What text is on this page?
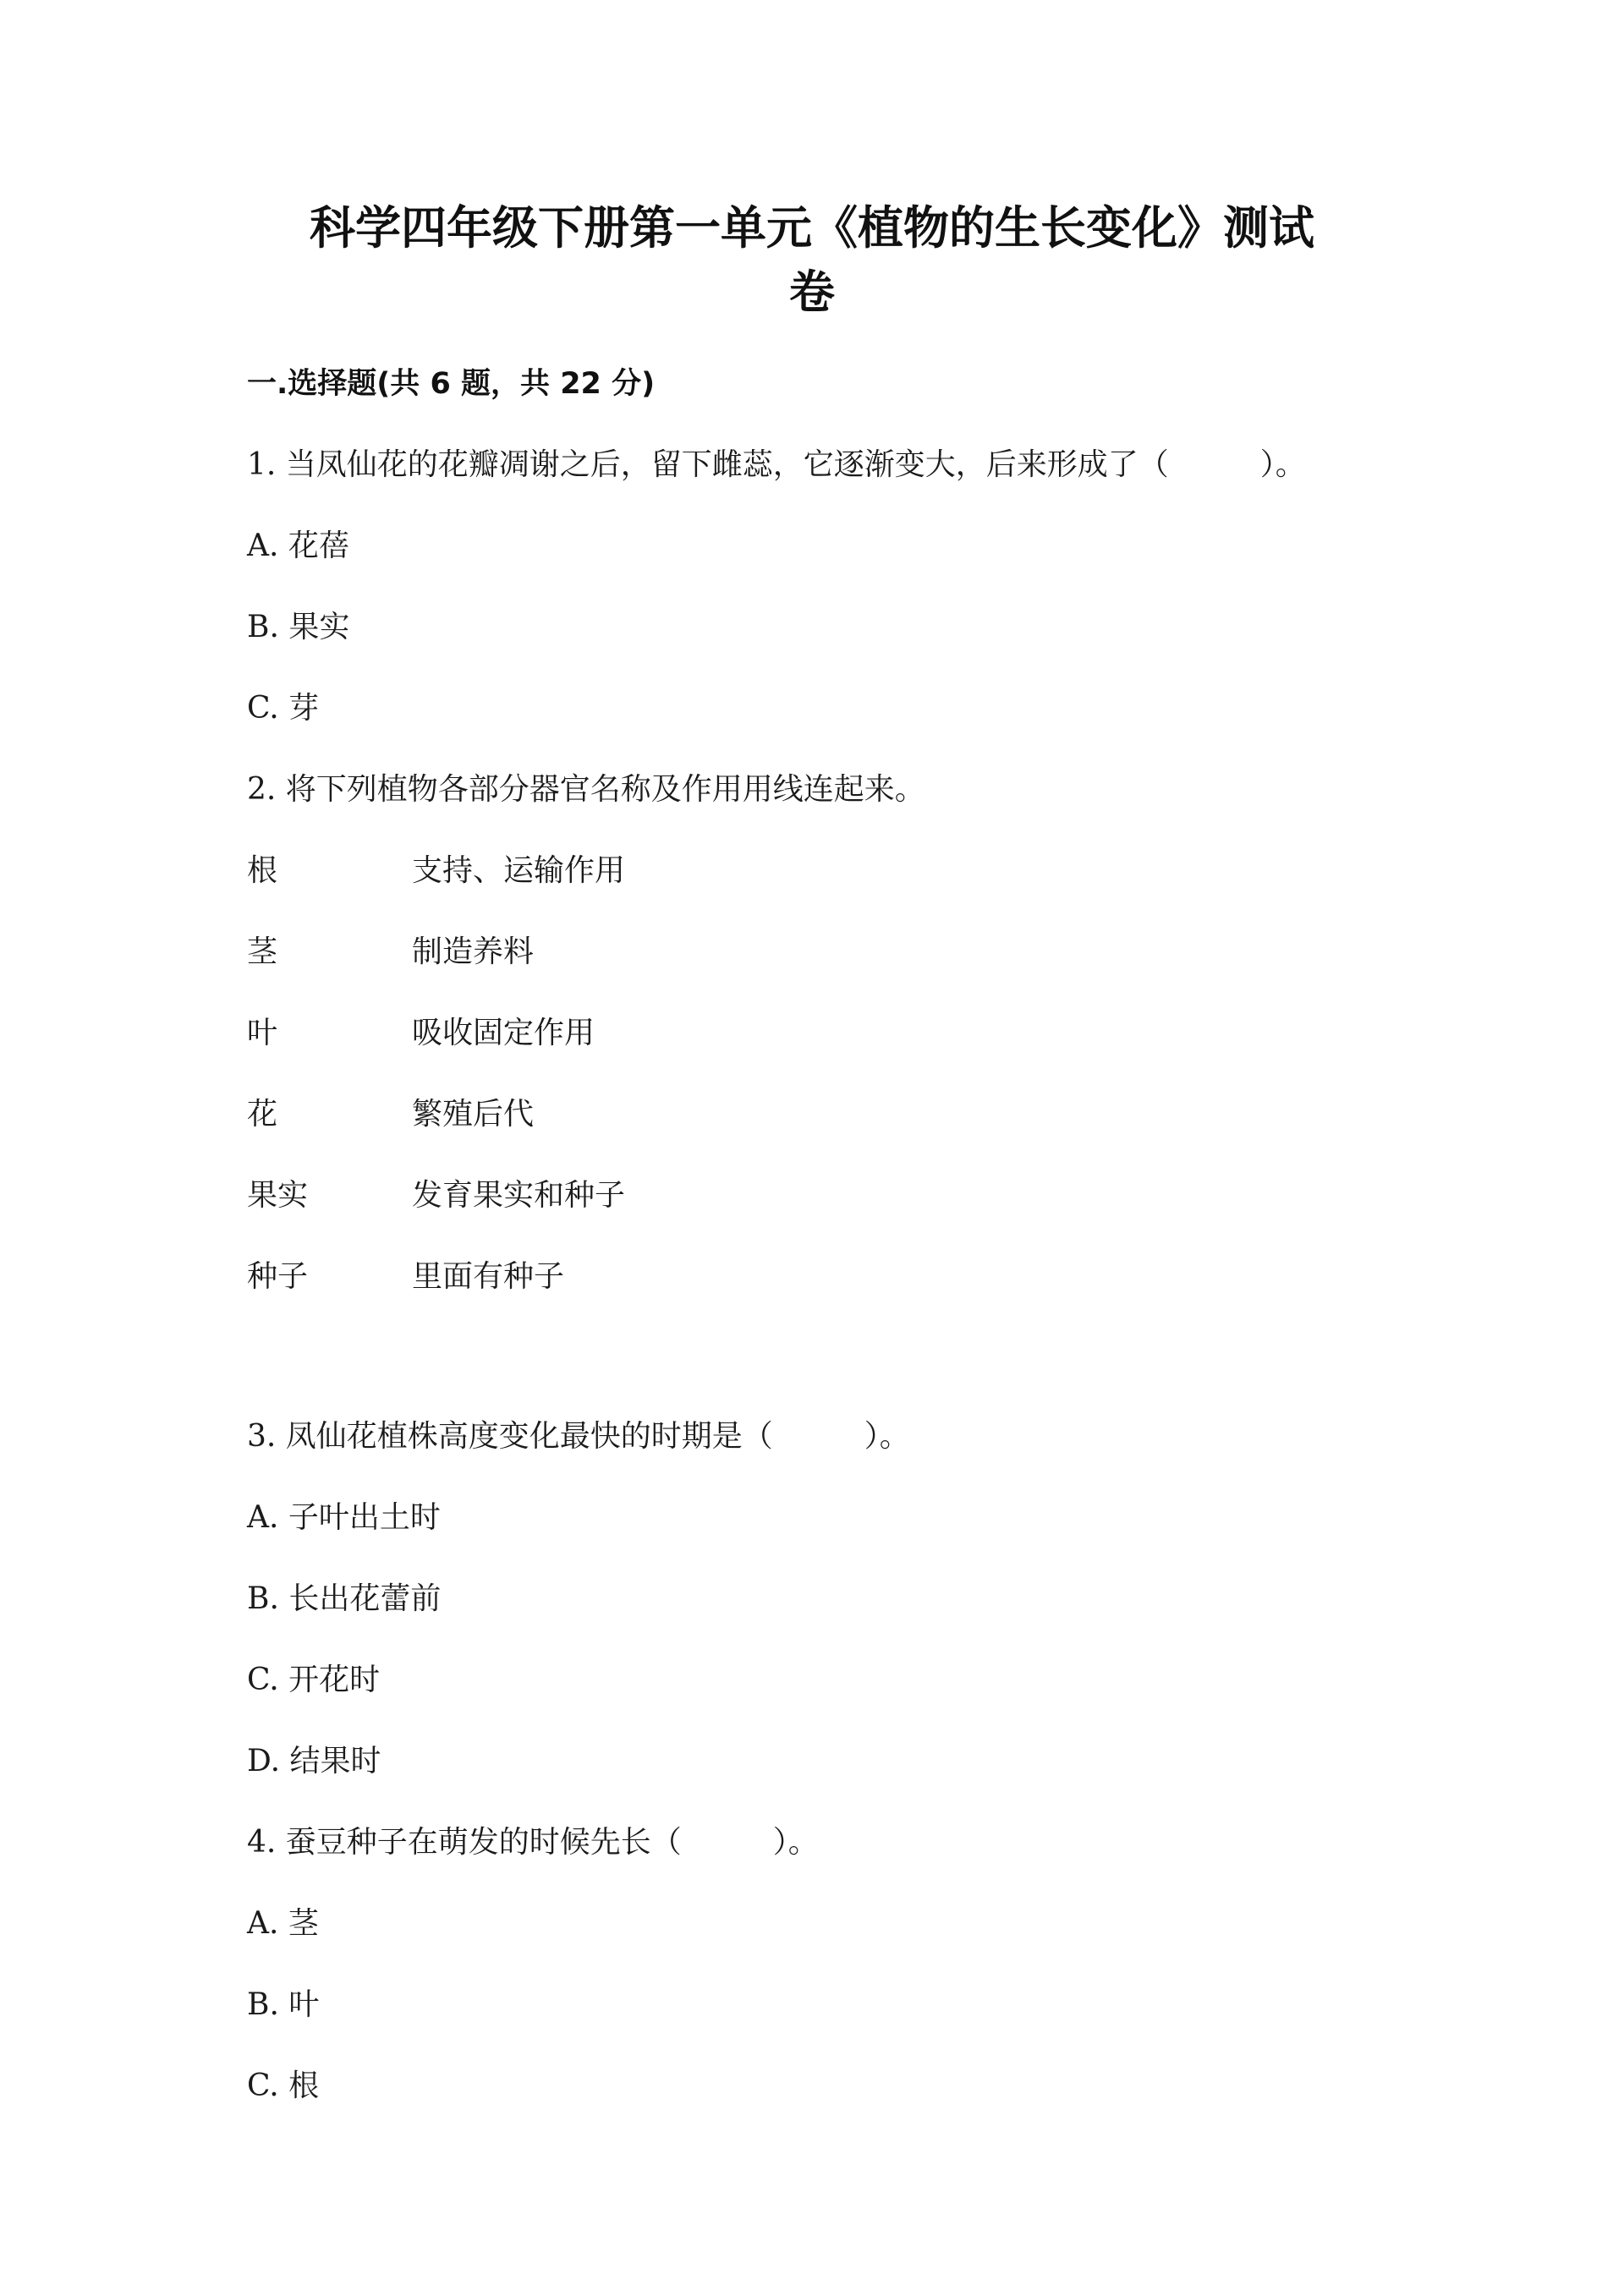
科学四年级下册第一单元《植物的生长变化》测试
卷
一.选择题(共 6 题，共 22 分)

1. 当凤仙花的花瓣凋谢之后，留下雌蕊，它逐渐变大，后来形成了（　　　）。

A. 花蓓

B. 果实

C. 芽

2. 将下列植物各部分器官名称及作用用线连起来。

根	支持、运输作用

茎	制造养料

叶	吸收固定作用

花	繁殖后代

果实	发育果实和种子

种子	里面有种子

3. 凤仙花植株高度变化最快的时期是（　　　）。

A. 子叶出土时

B. 长出花蕾前

C. 开花时

D. 结果时

4. 蚕豆种子在萌发的时候先长（　　　）。

A. 茎

B. 叶

C. 根
